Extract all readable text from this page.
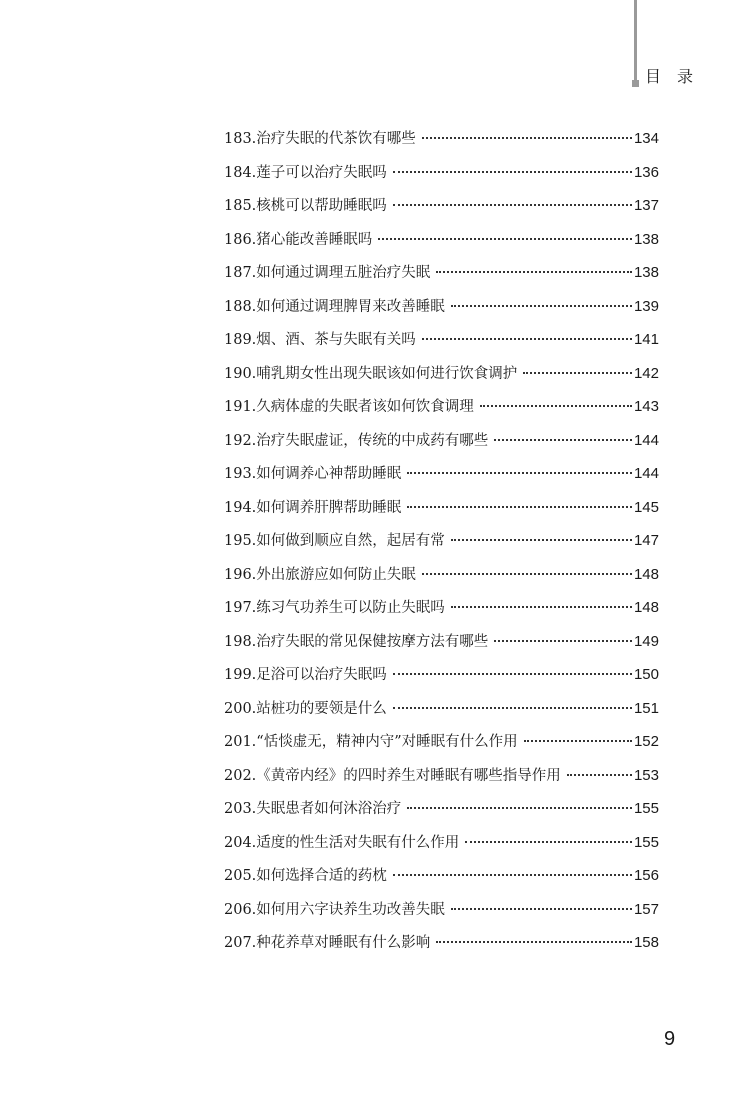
目录
183. 治疗失眠的代茶饮有哪些	134
184. 莲子可以治疗失眠吗	136
185. 核桃可以帮助睡眠吗	137
186. 猪心能改善睡眠吗	138
187. 如何通过调理五脏治疗失眠	138
188. 如何通过调理脾胃来改善睡眠	139
189. 烟、酒、茶与失眠有关吗	141
190. 哺乳期女性出现失眠该如何进行饮食调护	142
191. 久病体虚的失眠者该如何饮食调理	143
192. 治疗失眠虚证，传统的中成药有哪些	144
193. 如何调养心神帮助睡眠	144
194. 如何调养肝脾帮助睡眠	145
195. 如何做到顺应自然，起居有常	147
196. 外出旅游应如何防止失眠	148
197. 练习气功养生可以防止失眠吗	148
198. 治疗失眠的常见保健按摩方法有哪些	149
199. 足浴可以治疗失眠吗	150
200. 站桩功的要领是什么	151
201. “恬惔虚无，精神内守”对睡眠有什么作用	152
202. 《黄帝内经》的四时养生对睡眠有哪些指导作用	153
203. 失眠患者如何沐浴治疗	155
204. 适度的性生活对失眠有什么作用	155
205. 如何选择合适的药枕	156
206. 如何用六字诀养生功改善失眠	157
207. 种花养草对睡眠有什么影响	158
9
